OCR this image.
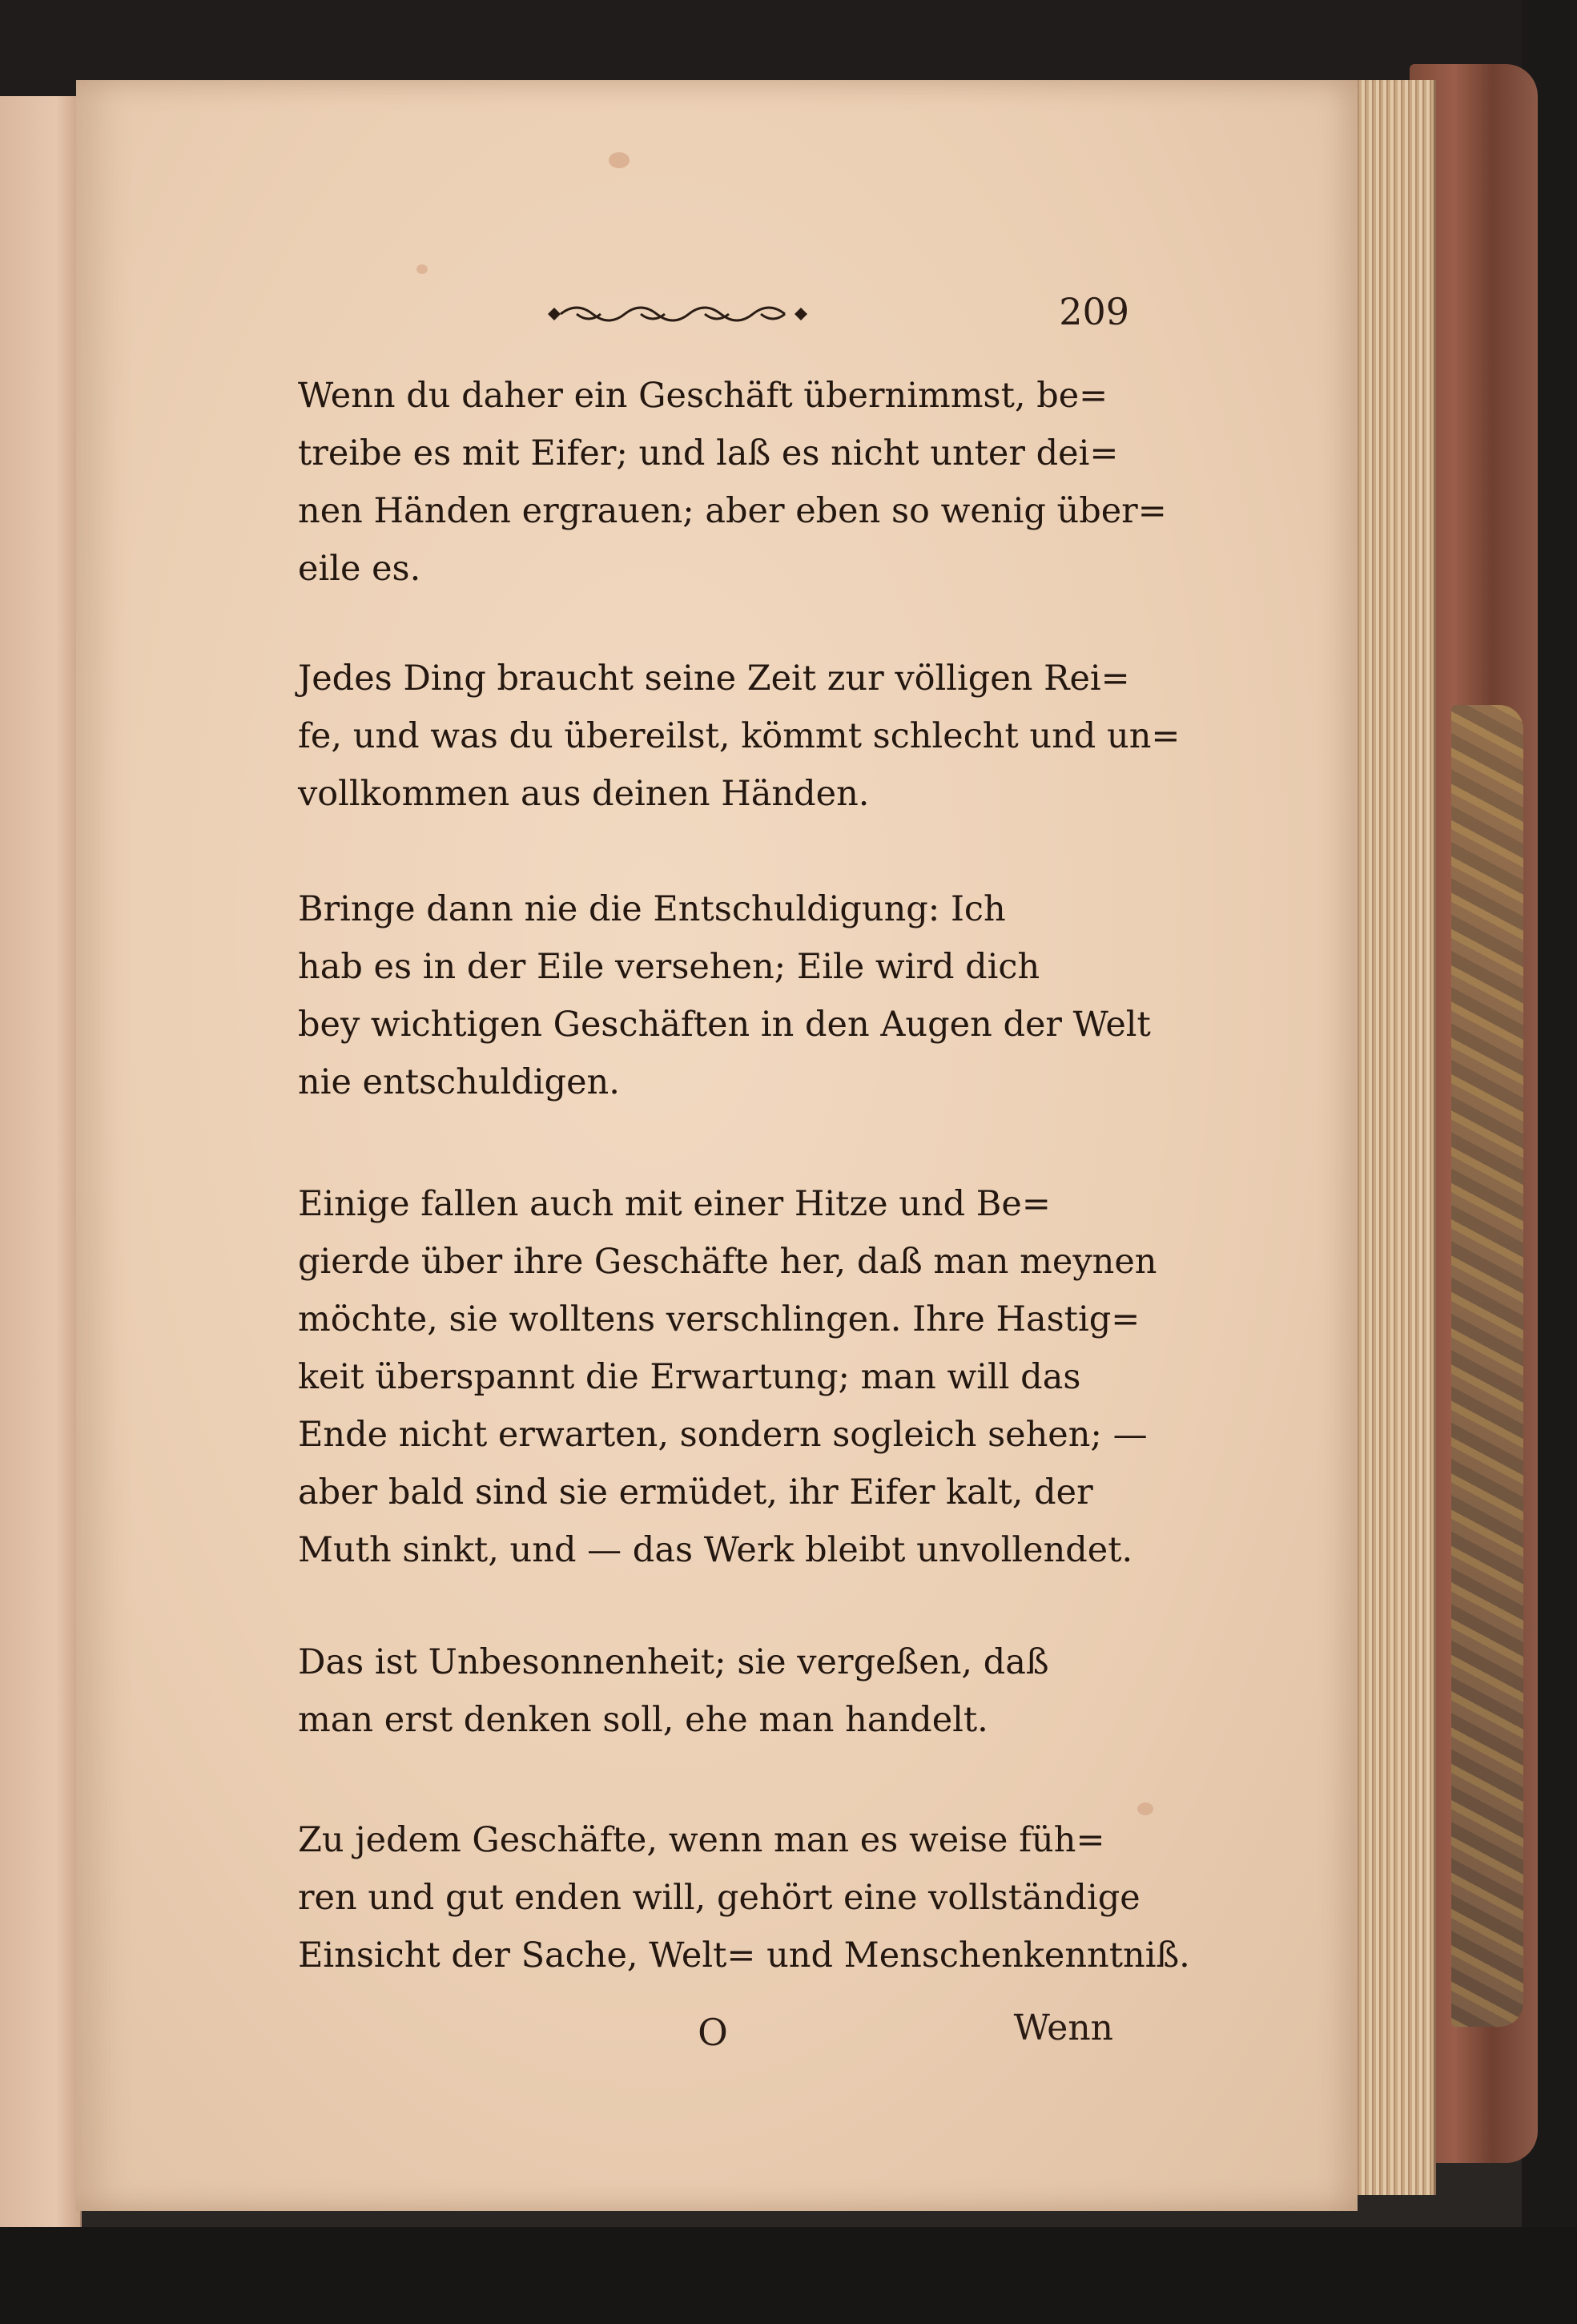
209

Wenn du daher ein Geschäft übernimmst, be=
treibe es mit Eifer; und laß es nicht unter dei=
nen Händen ergrauen; aber eben so wenig über=
eile es.

Jedes Ding braucht seine Zeit zur völligen Rei=
fe, und was du übereilst, kömmt schlecht und un=
vollkommen aus deinen Händen.

Bringe dann nie die Entschuldigung: Ich
hab es in der Eile versehen; Eile wird dich
bey wichtigen Geschäften in den Augen der Welt
nie entschuldigen.

Einige fallen auch mit einer Hitze und Be=
gierde über ihre Geschäfte her, daß man meynen
möchte, sie wolltens verschlingen. Ihre Hastig=
keit überspannt die Erwartung; man will das
Ende nicht erwarten, sondern sogleich sehen; —
aber bald sind sie ermüdet, ihr Eifer kalt, der
Muth sinkt, und — das Werk bleibt unvollendet.

Das ist Unbesonnenheit; sie vergeßen, daß
man erst denken soll, ehe man handelt.

Zu jedem Geschäfte, wenn man es weise füh=
ren und gut enden will, gehört eine vollständige
Einsicht der Sache, Welt= und Menschenkenntniß.

O	Wenn
